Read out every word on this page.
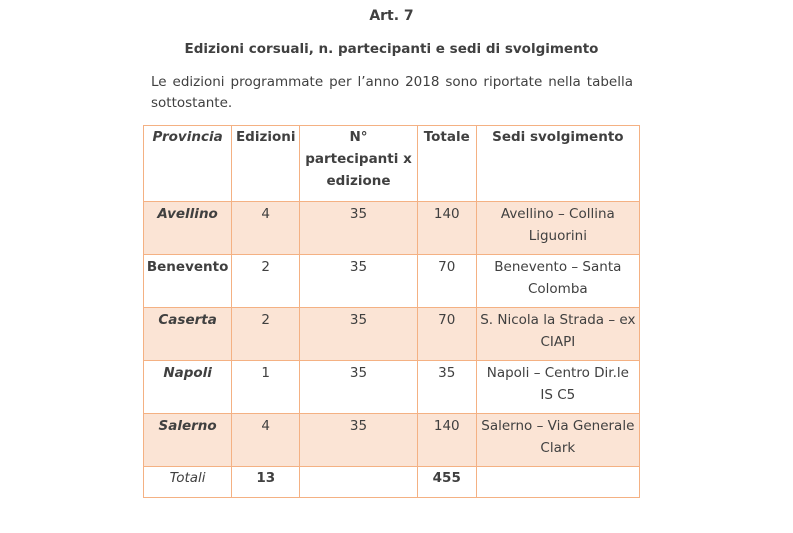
Art. 7
Edizioni corsuali, n. partecipanti e sedi di svolgimento
Le edizioni programmate per l’anno 2018 sono riportate nella tabella sottostante.
Provincia	Edizioni	N° partecipanti x edizione	Totale	Sedi svolgimento
Avellino	4	35	140	Avellino – Collina Liguorini
Benevento	2	35	70	Benevento – Santa Colomba
Caserta	2	35	70	S. Nicola la Strada – ex CIAPI
Napoli	1	35	35	Napoli – Centro Dir.le IS C5
Salerno	4	35	140	Salerno – Via Generale Clark
Totali	13		455	
